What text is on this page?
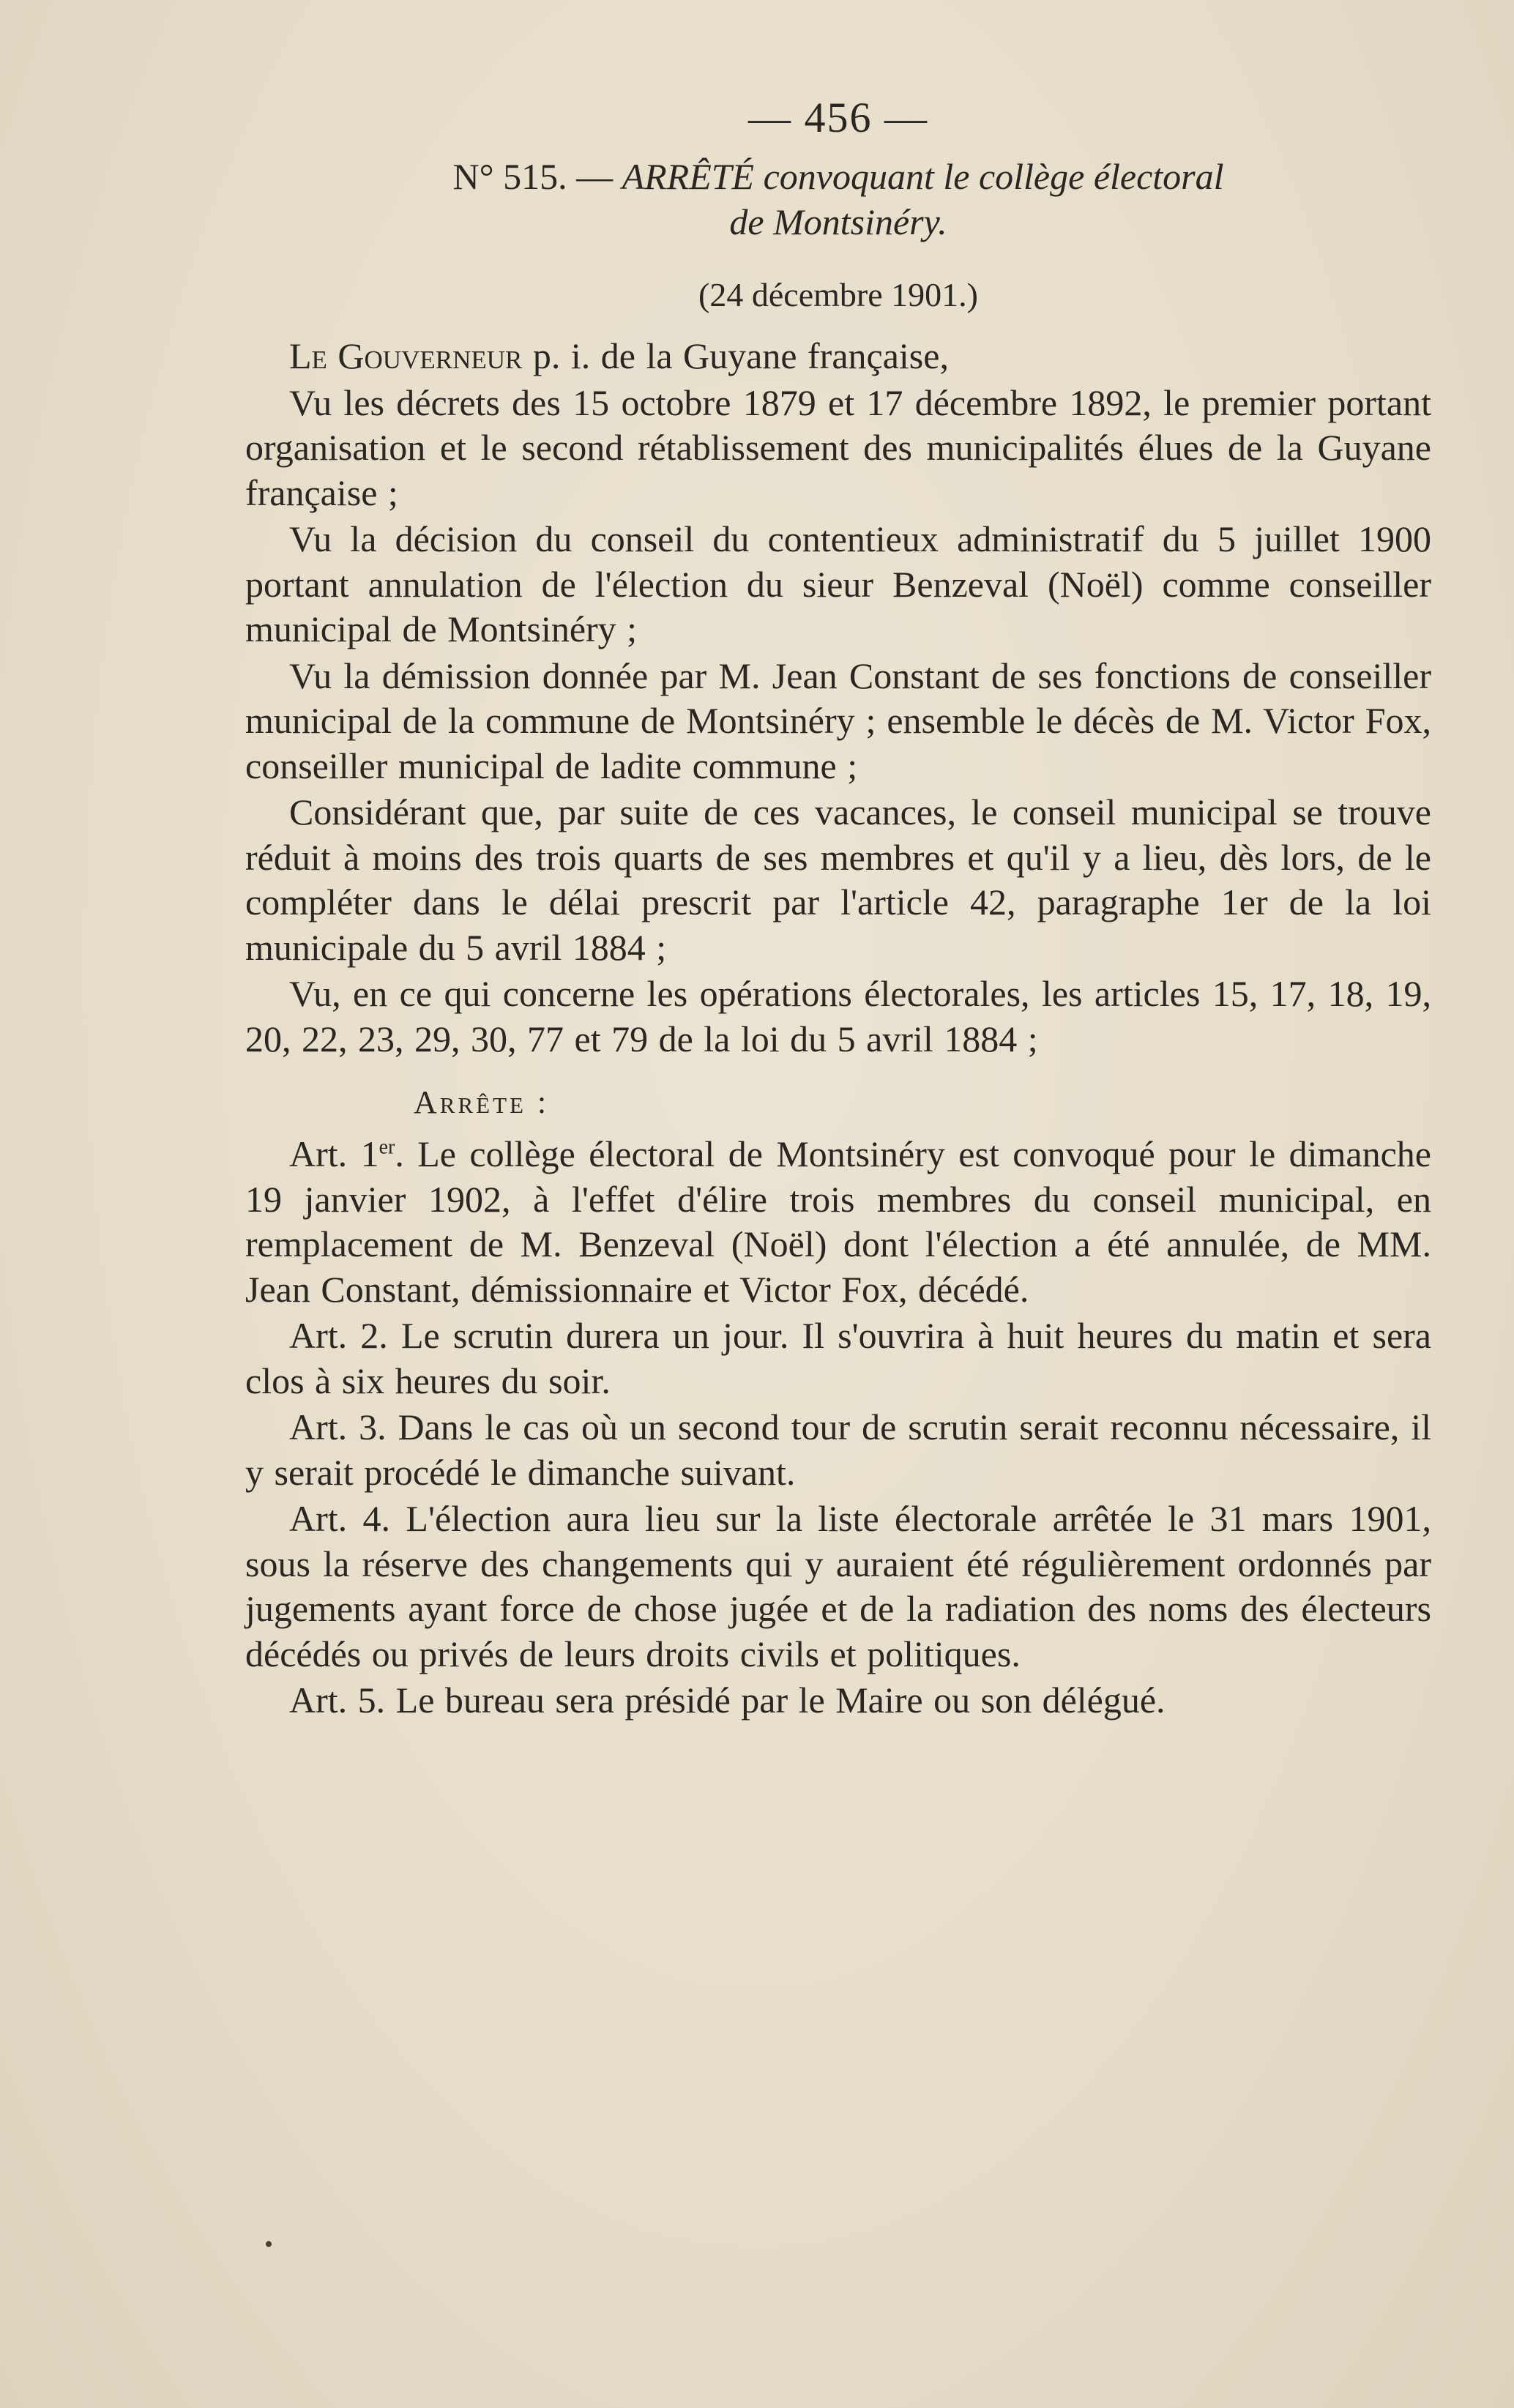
— 456 —
N° 515. — ARRÊTÉ convoquant le collège électoral
de Montsinéry.
(24 décembre 1901.)

Le Gouverneur p. i. de la Guyane française,

Vu les décrets des 15 octobre 1879 et 17 décembre 1892, le premier portant organisation et le second rétablissement des municipalités élues de la Guyane française ;

Vu la décision du conseil du contentieux administratif du 5 juillet 1900 portant annulation de l'élection du sieur Benzeval (Noël) comme conseiller municipal de Montsinéry ;

Vu la démission donnée par M. Jean Constant de ses fonctions de conseiller municipal de la commune de Montsinéry ; ensemble le décès de M. Victor Fox, conseiller municipal de ladite commune ;

Considérant que, par suite de ces vacances, le conseil municipal se trouve réduit à moins des trois quarts de ses membres et qu'il y a lieu, dès lors, de le compléter dans le délai prescrit par l'article 42, paragraphe 1er de la loi municipale du 5 avril 1884 ;

Vu, en ce qui concerne les opérations électorales, les articles 15, 17, 18, 19, 20, 22, 23, 29, 30, 77 et 79 de la loi du 5 avril 1884 ;

Arrête :

Art. 1er. Le collège électoral de Montsinéry est convoqué pour le dimanche 19 janvier 1902, à l'effet d'élire trois membres du conseil municipal, en remplacement de M. Benzeval (Noël) dont l'élection a été annulée, de MM. Jean Constant, démissionnaire et Victor Fox, décédé.

Art. 2. Le scrutin durera un jour. Il s'ouvrira à huit heures du matin et sera clos à six heures du soir.

Art. 3. Dans le cas où un second tour de scrutin serait reconnu nécessaire, il y serait procédé le dimanche suivant.

Art. 4. L'élection aura lieu sur la liste électorale arrêtée le 31 mars 1901, sous la réserve des changements qui y auraient été régulièrement ordonnés par jugements ayant force de chose jugée et de la radiation des noms des électeurs décédés ou privés de leurs droits civils et politiques.

Art. 5. Le bureau sera présidé par le Maire ou son délégué.
